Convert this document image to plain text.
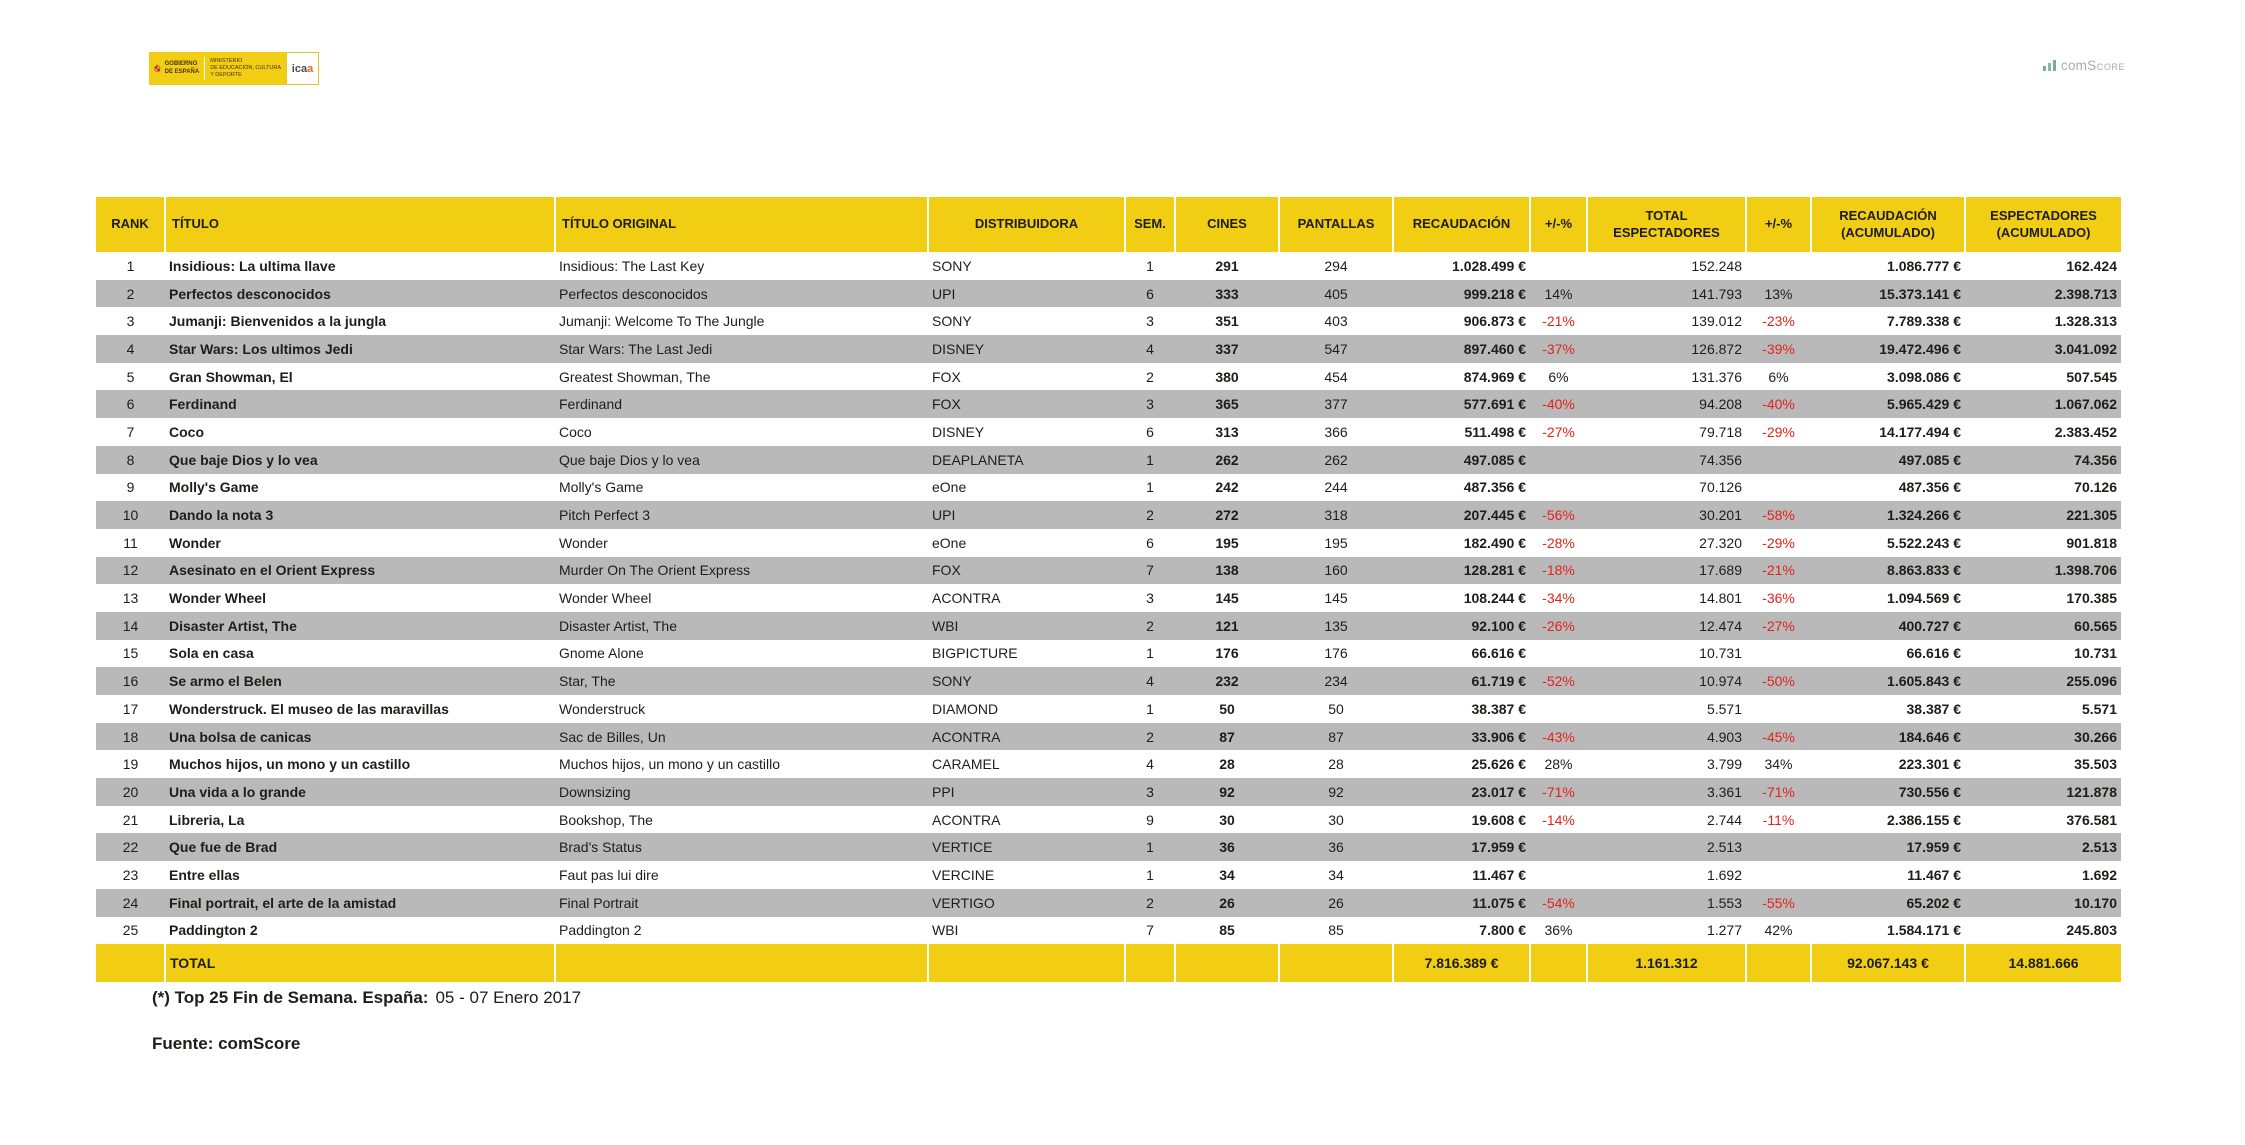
GOBIERNO
DE ESPAÑA
MINISTERIO
DE EDUCACIÓN, CULTURA
Y DEPORTE
ica a	comScore
RANK	TÍTULO	TÍTULO ORIGINAL	DISTRIBUIDORA	SEM.	CINES	PANTALLAS	RECAUDACIÓN	+/-%	TOTAL ESPECTADORES	+/-%	RECAUDACIÓN (ACUMULADO)	ESPECTADORES (ACUMULADO)
1	Insidious: La ultima llave	Insidious: The Last Key	SONY	1	291	294	1.028.499 €		152.248		1.086.777 €	162.424
2	Perfectos desconocidos	Perfectos desconocidos	UPI	6	333	405	999.218 €	14%	141.793	13%	15.373.141 €	2.398.713
3	Jumanji: Bienvenidos a la jungla	Jumanji: Welcome To The Jungle	SONY	3	351	403	906.873 €	-21%	139.012	-23%	7.789.338 €	1.328.313
4	Star Wars: Los ultimos Jedi	Star Wars: The Last Jedi	DISNEY	4	337	547	897.460 €	-37%	126.872	-39%	19.472.496 €	3.041.092
5	Gran Showman, El	Greatest Showman, The	FOX	2	380	454	874.969 €	6%	131.376	6%	3.098.086 €	507.545
6	Ferdinand	Ferdinand	FOX	3	365	377	577.691 €	-40%	94.208	-40%	5.965.429 €	1.067.062
7	Coco	Coco	DISNEY	6	313	366	511.498 €	-27%	79.718	-29%	14.177.494 €	2.383.452
8	Que baje Dios y lo vea	Que baje Dios y lo vea	DEAPLANETA	1	262	262	497.085 €		74.356		497.085 €	74.356
9	Molly's Game	Molly's Game	eOne	1	242	244	487.356 €		70.126		487.356 €	70.126
10	Dando la nota 3	Pitch Perfect 3	UPI	2	272	318	207.445 €	-56%	30.201	-58%	1.324.266 €	221.305
11	Wonder	Wonder	eOne	6	195	195	182.490 €	-28%	27.320	-29%	5.522.243 €	901.818
12	Asesinato en el Orient Express	Murder On The Orient Express	FOX	7	138	160	128.281 €	-18%	17.689	-21%	8.863.833 €	1.398.706
13	Wonder Wheel	Wonder Wheel	ACONTRA	3	145	145	108.244 €	-34%	14.801	-36%	1.094.569 €	170.385
14	Disaster Artist, The	Disaster Artist, The	WBI	2	121	135	92.100 €	-26%	12.474	-27%	400.727 €	60.565
15	Sola en casa	Gnome Alone	BIGPICTURE	1	176	176	66.616 €		10.731		66.616 €	10.731
16	Se armo el Belen	Star, The	SONY	4	232	234	61.719 €	-52%	10.974	-50%	1.605.843 €	255.096
17	Wonderstruck. El museo de las maravillas	Wonderstruck	DIAMOND	1	50	50	38.387 €		5.571		38.387 €	5.571
18	Una bolsa de canicas	Sac de Billes, Un	ACONTRA	2	87	87	33.906 €	-43%	4.903	-45%	184.646 €	30.266
19	Muchos hijos, un mono y un castillo	Muchos hijos, un mono y un castillo	CARAMEL	4	28	28	25.626 €	28%	3.799	34%	223.301 €	35.503
20	Una vida a lo grande	Downsizing	PPI	3	92	92	23.017 €	-71%	3.361	-71%	730.556 €	121.878
21	Libreria, La	Bookshop, The	ACONTRA	9	30	30	19.608 €	-14%	2.744	-11%	2.386.155 €	376.581
22	Que fue de Brad	Brad's Status	VERTICE	1	36	36	17.959 €		2.513		17.959 €	2.513
23	Entre ellas	Faut pas lui dire	VERCINE	1	34	34	11.467 €		1.692		11.467 €	1.692
24	Final portrait, el arte de la amistad	Final Portrait	VERTIGO	2	26	26	11.075 €	-54%	1.553	-55%	65.202 €	10.170
25	Paddington 2	Paddington 2	WBI	7	85	85	7.800 €	36%	1.277	42%	1.584.171 €	245.803
	TOTAL						7.816.389 €		1.161.312		92.067.143 €	14.881.666
(*) Top 25 Fin de Semana. España: 05 - 07 Enero 2017
Fuente: comScore
